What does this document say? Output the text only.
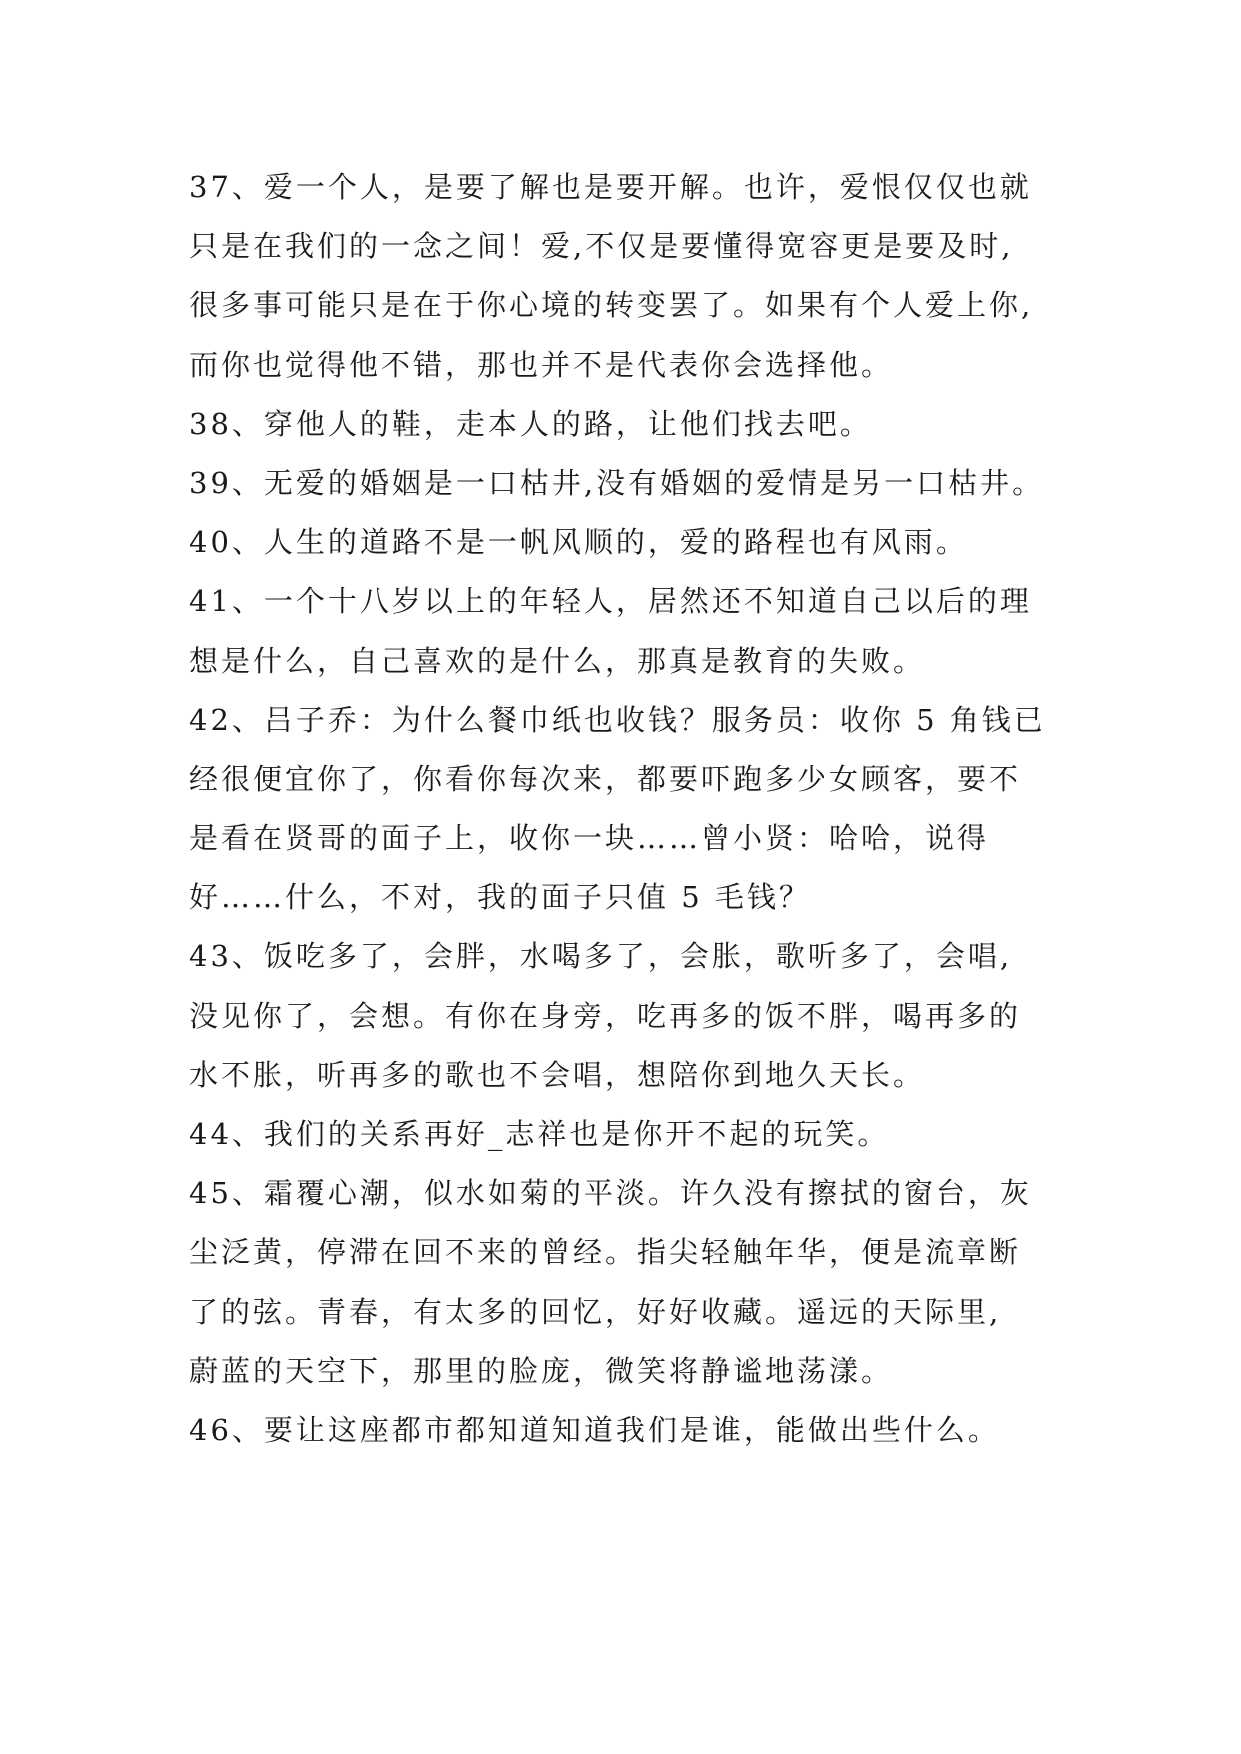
37、爱一个人，是要了解也是要开解。也许，爱恨仅仅也就
只是在我们的一念之间！爱,不仅是要懂得宽容更是要及时,
很多事可能只是在于你心境的转变罢了。如果有个人爱上你,
而你也觉得他不错，那也并不是代表你会选择他。
38、穿他人的鞋，走本人的路，让他们找去吧。
39、无爱的婚姻是一口枯井,没有婚姻的爱情是另一口枯井。
40、人生的道路不是一帆风顺的，爱的路程也有风雨。
41、一个十八岁以上的年轻人，居然还不知道自己以后的理
想是什么，自己喜欢的是什么，那真是教育的失败。
42、吕子乔：为什么餐巾纸也收钱？服务员：收你 5 角钱已
经很便宜你了，你看你每次来，都要吓跑多少女顾客，要不
是看在贤哥的面子上，收你一块……曾小贤：哈哈，说得
好……什么，不对，我的面子只值 5 毛钱？
43、饭吃多了，会胖，水喝多了，会胀，歌听多了，会唱,
没见你了，会想。有你在身旁，吃再多的饭不胖，喝再多的
水不胀，听再多的歌也不会唱，想陪你到地久天长。
44、我们的关系再好_志祥也是你开不起的玩笑。
45、霜覆心潮，似水如菊的平淡。许久没有擦拭的窗台，灰
尘泛黄，停滞在回不来的曾经。指尖轻触年华，便是流章断
了的弦。青春，有太多的回忆，好好收藏。遥远的天际里,
蔚蓝的天空下，那里的脸庞，微笑将静谧地荡漾。
46、要让这座都市都知道知道我们是谁，能做出些什么。
